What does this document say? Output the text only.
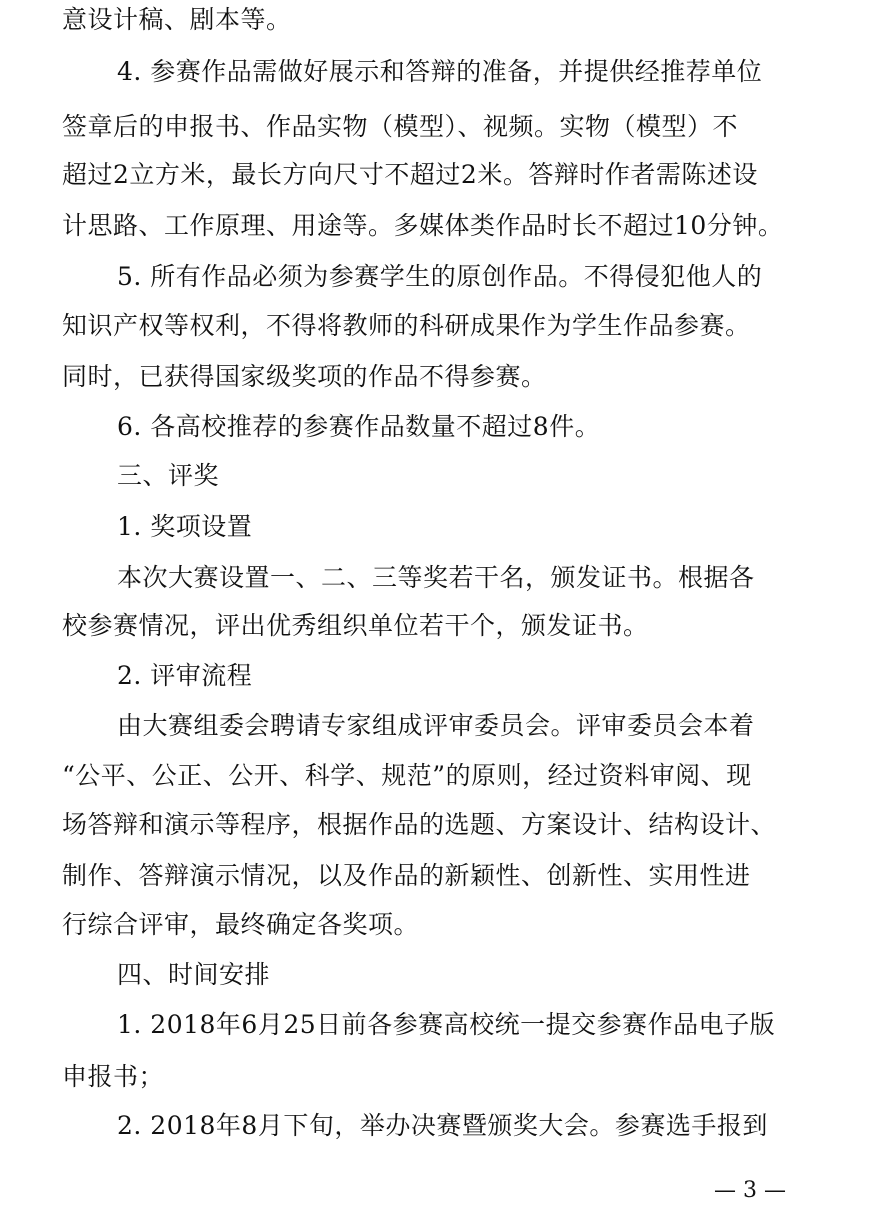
意设计稿、剧本等。
4. 参赛作品需做好展示和答辩的准备，并提供经推荐单位
签章后的申报书、作品实物（模型）、视频。实物（模型）不
超过2立方米，最长方向尺寸不超过2米。答辩时作者需陈述设
计思路、工作原理、用途等。多媒体类作品时长不超过10分钟。
5. 所有作品必须为参赛学生的原创作品。不得侵犯他人的
知识产权等权利，不得将教师的科研成果作为学生作品参赛。
同时，已获得国家级奖项的作品不得参赛。
6. 各高校推荐的参赛作品数量不超过8件。
三、评奖
1. 奖项设置
本次大赛设置一、二、三等奖若干名，颁发证书。根据各
校参赛情况，评出优秀组织单位若干个，颁发证书。
2. 评审流程
由大赛组委会聘请专家组成评审委员会。评审委员会本着
“公平、公正、公开、科学、规范”的原则，经过资料审阅、现
场答辩和演示等程序，根据作品的选题、方案设计、结构设计、
制作、答辩演示情况，以及作品的新颖性、创新性、实用性进
行综合评审，最终确定各奖项。
四、时间安排
1. 2018年6月25日前各参赛高校统一提交参赛作品电子版
申报书；
2. 2018年8月下旬，举办决赛暨颁奖大会。参赛选手报到
— 3 —
